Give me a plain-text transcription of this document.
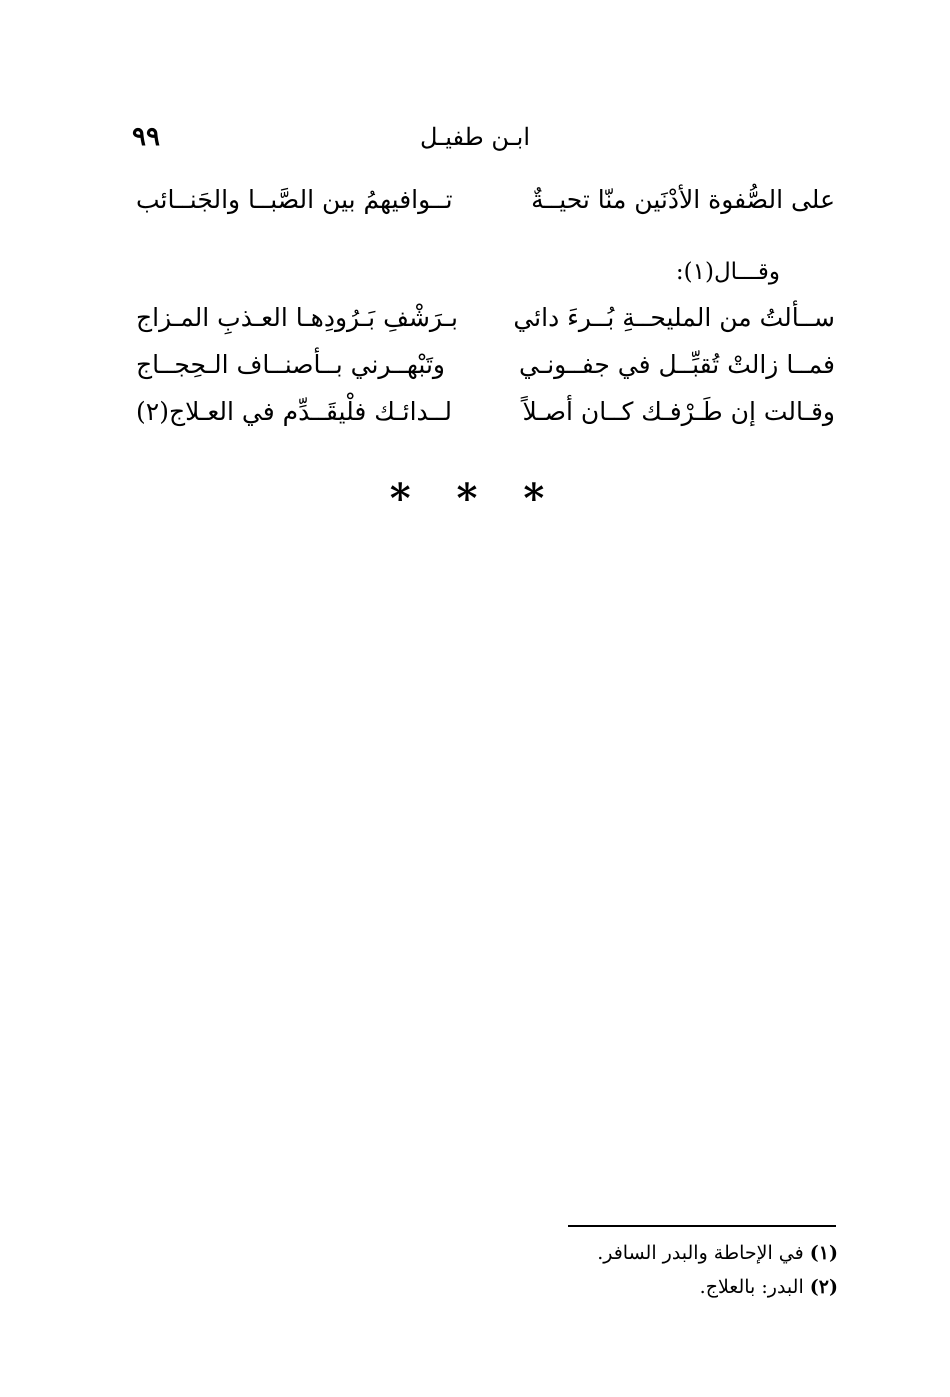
٩٩	ابـن طفيـل
على الصُّفوة الأدْنَين منّا تحيــةٌ
تــوافيهمُ بين الصَّبــا والجَنــائب
وقـــال(١):
ســألتُ من المليحــةِ بُــرءَ دائي
بـرَشْفِ بَـرُودِهـا العـذبِ المـزاج
فمــا زالتْ تُقبِّــل في جفــونـي
وتَبْهــرني بــأصنــاف الـحِجــاج
وقـالت إن طَـرْفـك كــان أصـلاً
لــدائـك فلْيقَــدِّم في العـلاج(٢)
* * *
(١) في الإحاطة والبدر السافر.
(٢) البدر: بالعلاج.
